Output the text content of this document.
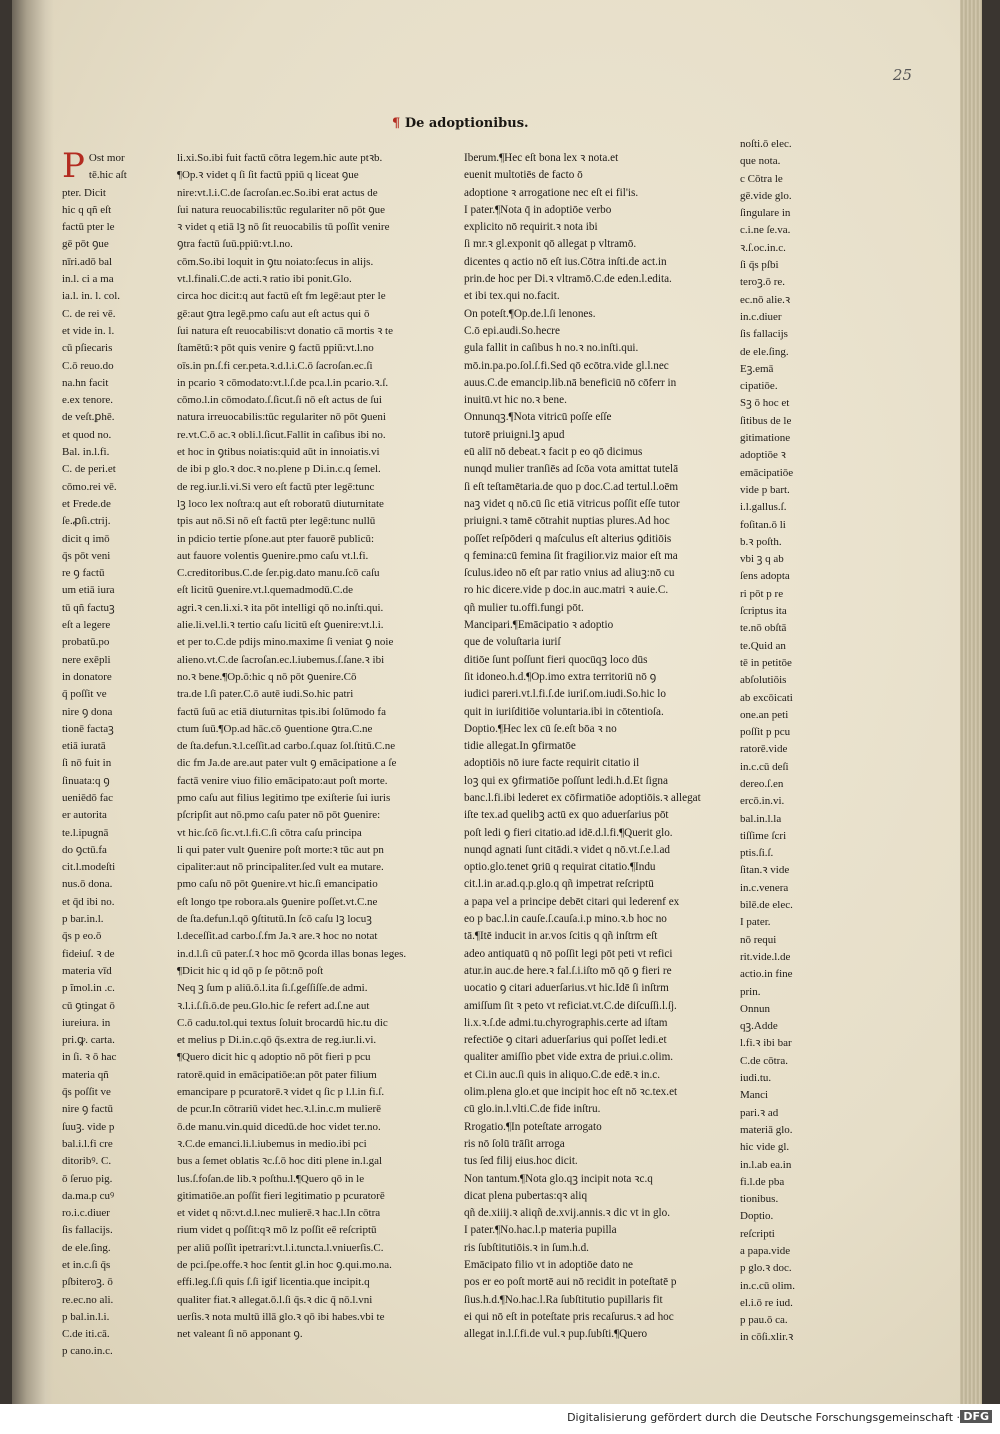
25
¶ De adoptionibus.
P Ost mor

tē.hic aſt

pter. Dicit

hic q qñ eſt

factū pter le

gē pōt ꝯue

nīri.adō bal

in.l. ci a ma

ia.l. in. l. col.

C. de rei vē.

et vide in. l.

cū pſiecaris

C.ō reuo.do

na.hn facit

e.ex tenore.

de veſt.ꝑhē.

et quod no.

Bal. in.l.fi.

C. de peri.et

cōmo.rei vē.

et Frede.de

ſe.ꝓſi.ctrij.

dicit q imō

q̄s pōt veni

re ꝯ factū

um etiā iura

tū qñ factuꝫ

eſt a legere

probatū.po

nere exēpli

in donatore

q̄ poſſit ve

nire ꝯ dona

tionē factaꝫ

etiā iuratā

ſi nō fuit in

ſinuata:q ꝯ

ueniēdō fac

er autorita

te.l.ipugnā

do ꝯctū.fa

cit.l.modeſti

nus.ō dona.

et q̄d ibi no.

p bar.in.l.

q̄s p eo.ō

fideiuſ. ꝛ de

materia vīd

p ĩmol.in .c.

cū ꝯtingat ō

iureiura. in

pri.ꝙ. carta.

in ſi. ꝛ ō hac

materia qñ

q̄s poſſit ve

nire ꝯ factū

ſuuꝫ. vide p

bal.i.l.fi cre

ditoribꝰ. C.

ō ſeruo pig.

da.ma.p cuꝰ

ro.i.c.diuer

ſis fallacijs.

de ele.ſing.

et in.c.ſi q̄s

pſbiteroꝫ. ō

re.ec.no ali.

p bal.in.l.i.

C.de iti.cā.

p cano.in.c.

li.xi.So.ibi fuit factū cōtra legem.hic aute ptꝛb.

¶Op.ꝛ videt q ſi ſit factū ppiū q liceat ꝯue

nire:vt.l.i.C.de ſacroſan.ec.So.ibi erat actus de

ſui natura reuocabilis:tūc regulariter nō pōt ꝯue

ꝛ videt q etiā lꝫ nō ſit reuocabilis tū poſſit venire

ꝯtra factū ſuū.ppiū:vt.l.no.

cōm.So.ibi loquit in ꝯtu noiato:ſecus in alijs.

vt.l.finali.C.de acti.ꝛ ratio ibi ponit.Glo.

circa hoc dicit:q aut factū eſt fm legē:aut pter le

gē:aut ꝯtra legē.pmo caſu aut eſt actus qui ō

ſui natura eſt reuocabilis:vt donatio cā mortis ꝛ te

ſtamētū:ꝛ pōt quis venire ꝯ factū ppiū:vt.l.no

oīs.in pn.ſ.fi cer.peta.ꝛ.d.l.i.C.ō ſacroſan.ec.ſi

in pcario ꝛ cōmodato:vt.l.ſ.de pca.l.in pcario.ꝛ.ſ.

cōmo.l.in cōmodato.ſ.ſicut.ſi nō eſt actus de ſui

natura irreuocabilis:tūc regulariter nō pōt ꝯueni

re.vt.C.ō ac.ꝛ obli.l.ſicut.Fallit in caſibus ibi no.

et hoc in ꝯtibus noiatis:quid aūt in innoiatis.vi

de ibi p glo.ꝛ doc.ꝛ no.plene p Di.in.c.q ſemel.

de reg.iur.li.vi.Si vero eſt factū pter legē:tunc

lꝫ loco lex noſtra:q aut eſt roboratū diuturnitate

tpis aut nō.Si nō eſt factū pter legē:tunc nullū

in pdicio tertie pſone.aut pter fauorē publicū:

aut fauore volentis ꝯuenire.pmo caſu vt.l.fi.

C.creditoribus.C.de ſer.pig.dato manu.ſcō caſu

eſt licitū ꝯuenire.vt.l.quemadmodū.C.de

agri.ꝛ cen.li.xi.ꝛ ita pōt intelligi qō no.inſti.qui.

alie.li.vel.li.ꝛ tertio caſu licitū eſt ꝯuenire:vt.l.i.

et per to.C.de pdijs mino.maxime ſi veniat ꝯ noie

alieno.vt.C.de ſacroſan.ec.l.iubemus.ſ.ſane.ꝛ ibi

no.ꝛ bene.¶Op.ō:hic q nō pōt ꝯuenire.Cō

tra.de l.ſi pater.C.ō autē iudi.So.hic patri

factū ſuū ac etiā diuturnitas tpis.ibi ſolūmodo fa

ctum ſuū.¶Op.ad hāc.cō ꝯuentione ꝯtra.C.ne

de ſta.defun.ꝛ.l.ceſſit.ad carbo.ſ.quaz ſol.ſtitū.C.ne

dic fm Ja.de are.aut pater vult ꝯ emācipatione a ſe

factā venire viuo filio emācipato:aut poſt morte.

pmo caſu aut filius legitimo tpe exiſterie ſui iuris

pſcripſit aut nō.pmo caſu pater nō pōt ꝯuenire:

vt hic.ſcō ſic.vt.l.fi.C.ſi cōtra caſu principa

li qui pater vult ꝯuenire poſt morte:ꝛ tūc aut pn

cipaliter:aut nō principaliter.ſed vult ea mutare.

pmo caſu nō pōt ꝯuenire.vt hic.ſi emancipatio

eſt longo tpe robora.als ꝯuenire poſſet.vt.C.ne

de ſta.defun.l.qō ꝯſtitutū.In ſcō caſu lꝫ locuꝫ

l.deceſſit.ad carbo.ſ.fm Ja.ꝛ are.ꝛ hoc no notat

in.d.l.ſi cū pater.ſ.ꝛ hoc mō ꝯcorda illas bonas leges.

¶Dicit hic q id qō p ſe pōt:nō poſt

Neq ꝫ ſum p aliū.ō.l.ita ſi.ſ.geſſiſſe.de admi.

ꝛ.l.i.ſ.ſi.ō.de peu.Glo.hic ſe refert ad.ſ.ne aut

C.ō cadu.tol.qui textus ſoluit brocardū hic.tu dic

et melius p Di.in.c.qō q̄s.extra de reg.iur.li.vi.

¶Quero dicit hic q adoptio nō pōt fieri p pcu

ratorē.quid in emācipatiōe:an pōt pater filium

emancipare p pcuratorē.ꝛ videt q ſic p l.l.in fi.ſ.

de pcur.In cōtrariū videt hec.ꝛ.l.in.c.m mulierē

ō.de manu.vin.quid dicedū.de hoc videt ter.no.

ꝛ.C.de emanci.li.l.iubemus in medio.ibi pci

bus a ſemet oblatis ꝛc.ſ.ō hoc diti plene in.l.gal

lus.ſ.foſan.de lib.ꝛ poſthu.l.¶Quero qō in le

gitimatiōe.an poſſit fieri legitimatio p pcuratorē

et videt q nō:vt.d.l.nec mulierē.ꝛ hac.l.In cōtra

rium videt q poſſit:qꝛ mō lz poſſit eē reſcriptū

per aliū poſſit ipetrari:vt.l.i.tuncta.l.vniuerſis.C.

de pci.ſpe.offe.ꝛ hoc ſentit gl.in hoc ꝯ.qui.mo.na.

effi.leg.ſ.ſi quis ſ.ſi igif licentia.que incipit.q

qualiter fiat.ꝛ allegat.ō.l.ſi q̄s.ꝛ dic q̄ nō.l.vni

uerſis.ꝛ nota multū illā glo.ꝛ qō ibi habes.vbi te

net valeant ſi nō apponant ꝯ.

Iberum.¶Hec eſt bona lex ꝛ nota.et

euenit multotiēs de facto ō

adoptione ꝛ arrogatione nec eſt ei fil'is.

I pater.¶Nota q̄ in adoptiōe verbo

explicito nō requirit.ꝛ nota ibi

ſi mr.ꝛ gl.exponit qō allegat p vltramō.

dicentes q actio nō eſt ius.Cōtra inſti.de act.in

prin.de hoc per Di.ꝛ vltramō.C.de eden.l.edita.

et ibi tex.qui no.facit.

On poteſt.¶Op.de.l.ſi lenones.

C.ō epi.audi.So.hecre

gula fallit in caſibus h no.ꝛ no.inſti.qui.

mō.in.pa.po.ſol.ſ.fi.Sed qō ecōtra.vide gl.l.nec

auus.C.de emancip.lib.nā beneficiū nō cōferr in

inuitū.vt hic no.ꝛ bene.

Onnunqꝫ.¶Nota vitricū poſſe eſſe

tutorē priuigni.lꝫ apud

eū aliī nō debeat.ꝛ facit p eo qō dicimus

nunqd mulier tranſiēs ad ſcōa vota amittat tutelā

ſi eſt teſtamētaria.de quo p doc.C.ad tertul.l.oēm

naꝫ videt q nō.cū ſic etiā vitricus poſſit eſſe tutor

priuigni.ꝛ tamē cōtrahit nuptias plures.Ad hoc

poſſet reſpōderi q maſculus eſt alterius ꝯditiōis

q femina:cū femina ſit fragilior.viz maior eſt ma

ſculus.ideo nō eſt par ratio vnius ad aliuꝫ:nō cu

ro hic dicere.vide p doc.in auc.matri ꝛ auie.C.

qñ mulier tu.offi.fungi pōt.

Mancipari.¶Emācipatio ꝛ adoptio

que de voluſtaria iuriſ

ditiōe ſunt poſſunt fieri quocūqꝫ loco dūs

ſit idoneo.h.d.¶Op.imo extra territoriū nō ꝯ

iudici pareri.vt.l.fi.ſ.de iuriſ.om.iudi.So.hic lo

quit in iuriſditiōe voluntaria.ibi in cōtentioſa.

Doptio.¶Hec lex cū ſe.eſt bōa ꝛ no

tidie allegat.In ꝯfirmatōe

adoptiōis nō iure facte requirit citatio il

loꝫ qui ex ꝯfirmatiōe poſſunt ledi.h.d.Et ſigna

banc.l.fi.ibi lederet ex cōfirmatiōe adoptiōis.ꝛ allegat

iſte tex.ad quelibꝫ actū ex quo aduerſarius pōt

poſt ledi ꝯ fieri citatio.ad idē.d.l.fi.¶Querit glo.

nunqd agnati ſunt citādi.ꝛ videt q nō.vt.ſ.e.l.ad

optio.glo.tenet ꝯriū q requirat citatio.¶Indu

cit.l.in ar.ad.q.p.glo.q qñ impetrat reſcriptū

a papa vel a principe debēt citari qui lederenf ex

eo p bac.l.in cauſe.ſ.cauſa.i.p mino.ꝛ.b hoc no

tā.¶Itē inducit in ar.vos ſcitis q qñ inſtrm eſt

adeo antiquatū q nō poſſit legi pōt peti vt refici

atur.in auc.de here.ꝛ fal.ſ.i.iſto mō qō ꝯ fieri re

uocatio ꝯ citari aduerſarius.vt hic.Idē ſi inſtrm

amiſſum ſit ꝛ peto vt reficiat.vt.C.de diſcuſſi.l.ſj.

li.x.ꝛ.ſ.de admi.tu.chyrographis.certe ad iſtam

refectiōe ꝯ citari aduerſarius qui poſſet ledi.et

qualiter amiſſio pbet vide extra de priui.c.olim.

et Ci.in auc.ſi quis in aliquo.C.de edē.ꝛ in.c.

olim.plena glo.et que incipit hoc eſt nō ꝛc.tex.et

cū glo.in.l.vlti.C.de fide inſtru.

Rrogatio.¶In poteſtate arrogato

ris nō ſolū trāſit arroga

tus ſed filij eius.hoc dicit.

Non tantum.¶Nota glo.qꝫ incipit nota ꝛc.q

dicat plena pubertas:qꝛ aliq

qñ de.xiiij.ꝛ aliqñ de.xvij.annis.ꝛ dic vt in glo.

I pater.¶No.hac.l.p materia pupilla

ris ſubſtitutiōis.ꝛ in ſum.h.d.

Emācipato filio vt in adoptiōe dato ne

pos er eo poſt mortē aui nō recidit in poteſtatē p

ſius.h.d.¶No.hac.l.Ra ſubſtitutio pupillaris fit

ei qui nō eſt in poteſtate pris recaſurus.ꝛ ad hoc

allegat in.l.ſ.fi.de vul.ꝛ pup.ſubſti.¶Quero

noſti.ō elec.

que nota.

c Cōtra le

gē.vide glo.

ſingulare in

c.i.ne ſe.va.

ꝛ.ſ.oc.in.c.

ſi q̄s pſbi

teroꝫ.ō re.

ec.nō alie.ꝛ

in.c.diuer

ſis fallacijs

de ele.ſing.

Eꝫ.emā

cipatiōe.

Sꝫ ō hoc et

ſitibus de le

gitimatione

adoptiōe ꝛ

emācipatiōe

vide p bart.

i.l.gallus.ſ.

foſitan.ō li

b.ꝛ poſth.

vbi ꝫ q ab

ſens adopta

ri pōt p re

ſcriptus ita

te.nō obſtā

te.Quid an

tē in petitōe

abſolutiōis

ab excōicati

one.an peti

poſſit p pcu

ratorē.vide

in.c.cū deſi

dereo.ſ.en

ercō.in.vi.

bal.in.l.la

tiſſime ſcri

ptis.ſi.ſ.

ſitan.ꝛ vide

in.c.venera

bilē.de elec.

I pater.

nō requi

rit.vide.l.de

actio.in fine

prin.

Onnun

qꝫ.Adde

l.fi.ꝛ ibi bar

C.de cōtra.

iudi.tu.

Manci

pari.ꝛ ad

materiā glo.

hic vide gl.

in.l.ab ea.in

fi.l.de pba

tionibus.

Doptio.

reſcripti

a papa.vide

p glo.ꝛ doc.

in.c.cū olim.

el.i.ō re iud.

p pau.ō ca.

in cōſi.xlir.ꝛ

Digitalisierung gefördert durch die Deutsche Forschungsgemeinschaft · DFG
